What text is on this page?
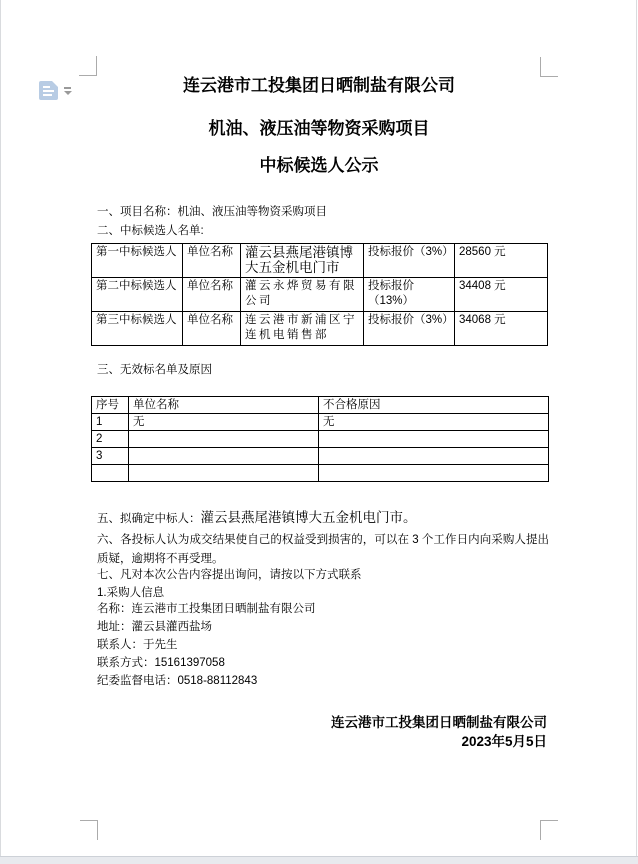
连云港市工投集团日晒制盐有限公司
机油、液压油等物资采购项目
中标候选人公示
一、项目名称：机油、液压油等物资采购项目
二、中标候选人名单:
第一中标候选人	单位名称	灌云县燕尾港镇博大五金机电门市	投标报价（3%）	28560 元
第二中标候选人	单位名称	灌云永烨贸易有限公司	投标报价（13%）	34408 元
第三中标候选人	单位名称	连云港市新浦区宁连机电销售部	投标报价（3%）	34068 元
三、无效标名单及原因
序号	单位名称	不合格原因
1	无	无
2		
3		

五、拟确定中标人：灌云县燕尾港镇博大五金机电门市。
六、各投标人认为成交结果使自己的权益受到损害的，可以在 3 个工作日内向采购人提出质疑，逾期将不再受理。
七、凡对本次公告内容提出询问，请按以下方式联系
1.采购人信息
名称：连云港市工投集团日晒制盐有限公司
地址：灌云县灌西盐场
联系人：于先生
联系方式：15161397058
纪委监督电话：0518-88112843
连云港市工投集团日晒制盐有限公司
2023年5月5日
